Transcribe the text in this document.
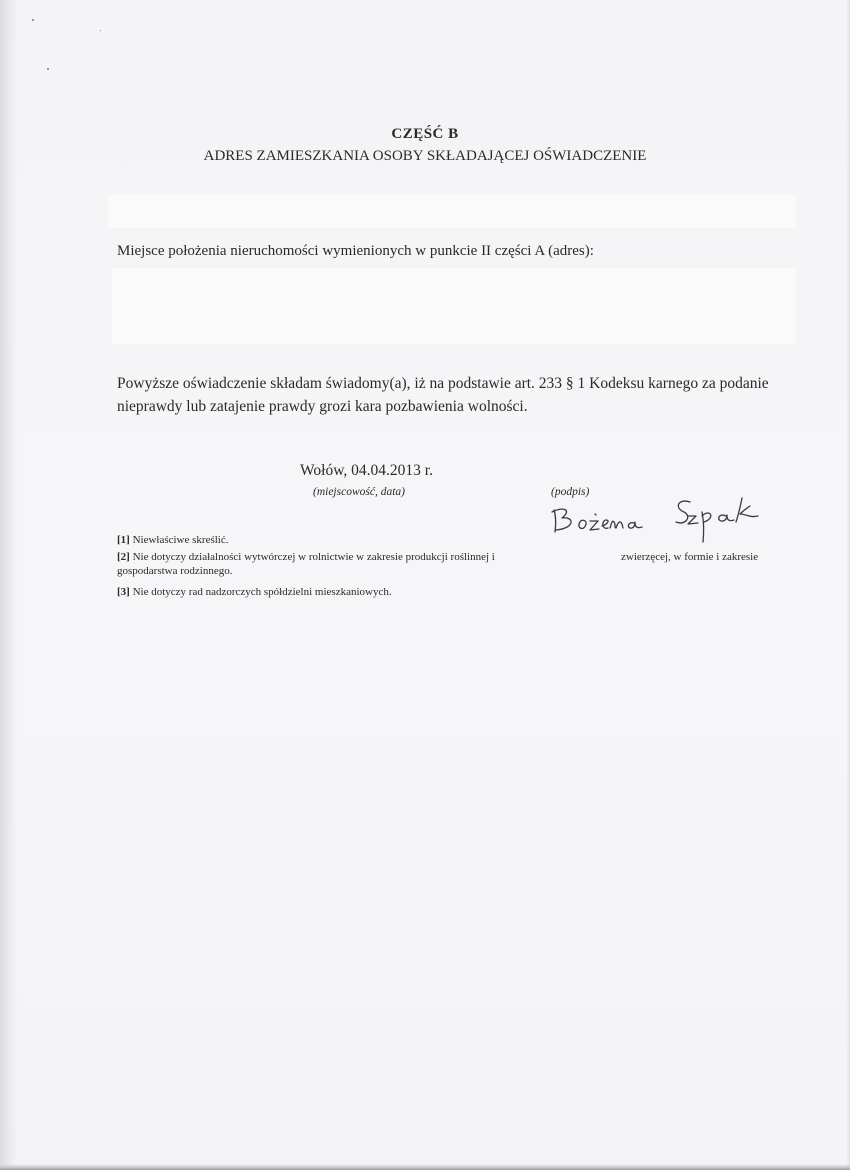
CZĘŚĆ B
ADRES ZAMIESZKANIA OSOBY SKŁADAJĄCEJ OŚWIADCZENIE
Miejsce położenia nieruchomości wymienionych w punkcie II części A (adres):
Powyższe oświadczenie składam świadomy(a), iż na podstawie art. 233 § 1 Kodeksu karnego za podanie nieprawdy lub zatajenie prawdy grozi kara pozbawienia wolności.
Wołów, 04.04.2013 r.
(miejscowość, data)	(podpis)
[1] Niewłaściwe skreślić.
[2] Nie dotyczy działalności wytwórczej w rolnictwie w zakresie produkcji roślinnej i	zwierzęcej, w formie i zakresie
gospodarstwa rodzinnego.
[3] Nie dotyczy rad nadzorczych spółdzielni mieszkaniowych.
